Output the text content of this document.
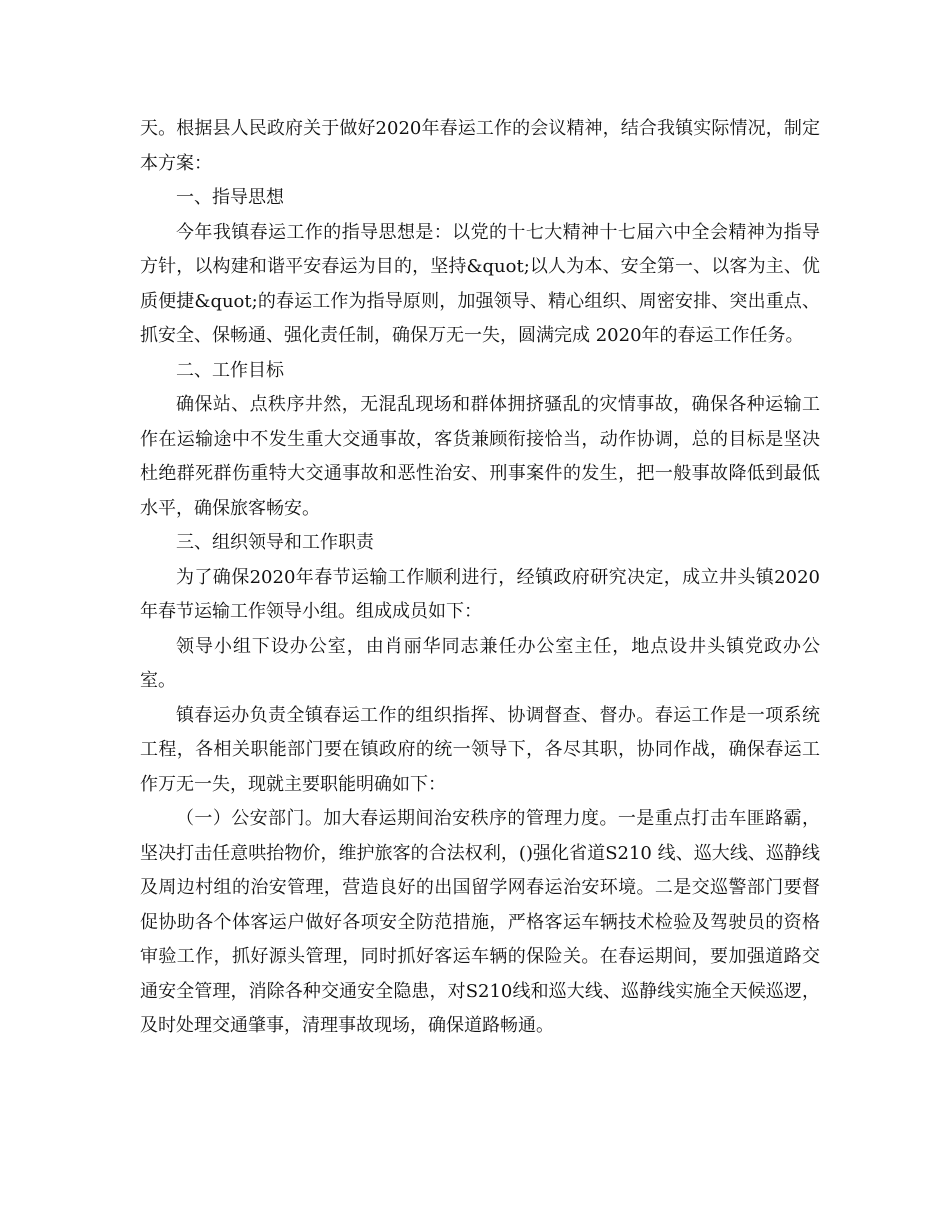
天。根据县人民政府关于做好2020年春运工作的会议精神，结合我镇实际情况，制定本方案：

一、指导思想

今年我镇春运工作的指导思想是：以党的十七大精神十七届六中全会精神为指导方针，以构建和谐平安春运为目的，坚持&quot;以人为本、安全第一、以客为主、优质便捷&quot;的春运工作为指导原则，加强领导、精心组织、周密安排、突出重点、抓安全、保畅通、强化责任制，确保万无一失，圆满完成 2020年的春运工作任务。

二、工作目标

确保站、点秩序井然，无混乱现场和群体拥挤骚乱的灾情事故，确保各种运输工作在运输途中不发生重大交通事故，客货兼顾衔接恰当，动作协调，总的目标是坚决杜绝群死群伤重特大交通事故和恶性治安、刑事案件的发生，把一般事故降低到最低水平，确保旅客畅安。

三、组织领导和工作职责

为了确保2020年春节运输工作顺利进行，经镇政府研究决定，成立井头镇2020年春节运输工作领导小组。组成成员如下：

领导小组下设办公室，由肖丽华同志兼任办公室主任，地点设井头镇党政办公室。

镇春运办负责全镇春运工作的组织指挥、协调督查、督办。春运工作是一项系统工程，各相关职能部门要在镇政府的统一领导下，各尽其职，协同作战，确保春运工作万无一失，现就主要职能明确如下：

（一）公安部门。加大春运期间治安秩序的管理力度。一是重点打击车匪路霸，坚决打击任意哄抬物价，维护旅客的合法权利，()强化省道S210 线、巡大线、巡静线及周边村组的治安管理，营造良好的出国留学网春运治安环境。二是交巡警部门要督促协助各个体客运户做好各项安全防范措施，严格客运车辆技术检验及驾驶员的资格审验工作，抓好源头管理，同时抓好客运车辆的保险关。在春运期间，要加强道路交通安全管理，消除各种交通安全隐患，对S210线和巡大线、巡静线实施全天候巡逻，及时处理交通肇事，清理事故现场，确保道路畅通。
